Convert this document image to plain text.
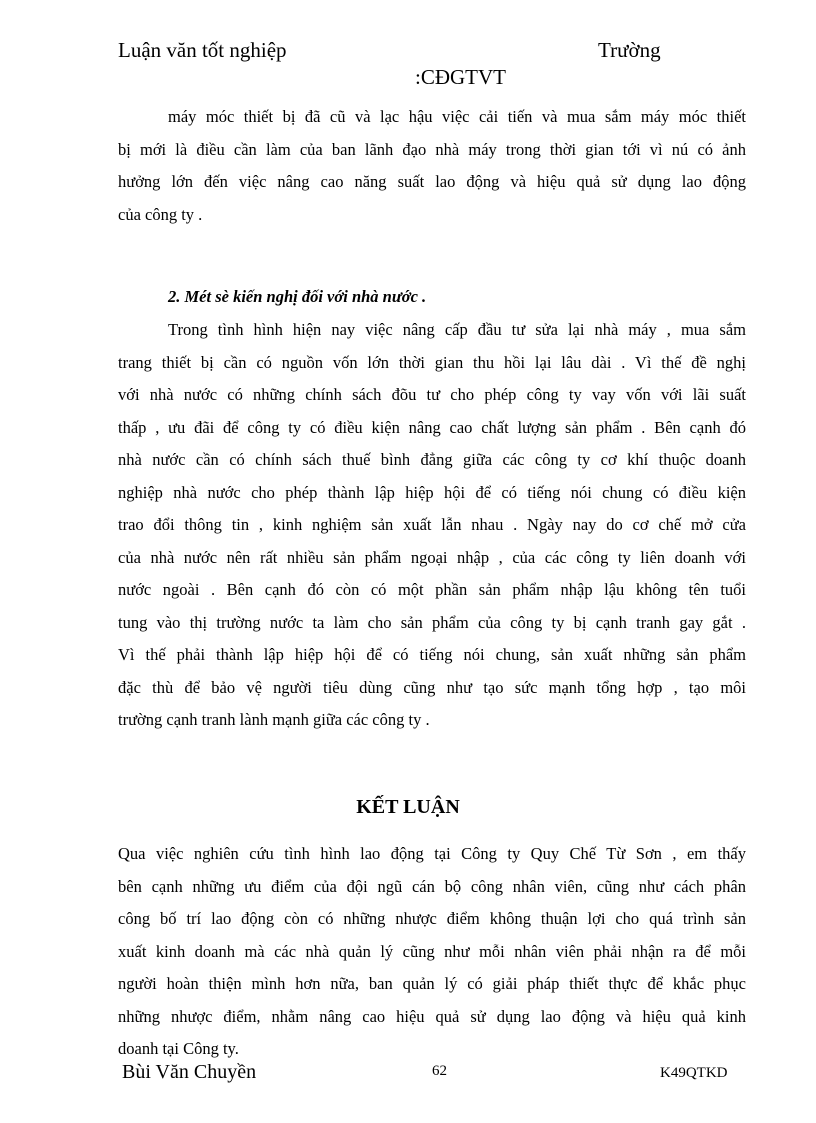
Luận văn tốt nghiệp	Trường
:CĐGTVT
máy móc thiết bị đã cũ và lạc hậu việc cải tiến và mua sắm máy móc thiết
bị mới là điều cần làm của ban lãnh đạo nhà máy trong thời gian tới vì nú có ảnh
hưởng lớn đến việc nâng cao năng suất lao động và hiệu quả sử dụng lao động
của công ty .
2. Mét sè kiến nghị đối với nhà nước .
Trong tình hình hiện nay việc nâng cấp đầu tư sửa lại nhà máy , mua sắm
trang thiết bị cần có nguồn vốn lớn thời gian thu hồi lại lâu dài . Vì thế đề nghị
với nhà nước có những chính sách đõu tư cho phép công ty vay vốn với lãi suất
thấp , ưu đãi để công ty có điều kiện nâng cao chất lượng sản phẩm . Bên cạnh đó
nhà nước cần có chính sách thuế bình đẳng giữa các công ty cơ khí thuộc doanh
nghiệp nhà nước cho phép thành lập hiệp hội để có tiếng nói chung có điều kiện
trao đổi thông tin , kinh nghiệm sản xuất lẫn nhau . Ngày nay do cơ chế mở cửa
của nhà nước nên rất nhiều sản phẩm ngoại nhập , của các công ty liên doanh với
nước ngoài . Bên cạnh đó còn có một phần sản phẩm nhập lậu không tên tuổi
tung vào thị trường nước ta làm cho sản phẩm của công ty bị cạnh tranh gay gắt .
Vì thế phải thành lập hiệp hội để có tiếng nói chung, sản xuất những sản phẩm
đặc thù để bảo vệ người tiêu dùng cũng như tạo sức mạnh tổng hợp , tạo môi
trường cạnh tranh lành mạnh giữa các công ty .
KẾT LUẬN
Qua việc nghiên cứu tình hình lao động tại Công ty Quy Chế Từ Sơn , em thấy
bên cạnh những ưu điểm của đội ngũ cán bộ công nhân viên, cũng như cách phân
công bố trí lao động còn có những nhược điểm không thuận lợi cho quá trình sản
xuất kinh doanh mà các nhà quản lý cũng như mỗi nhân viên phải nhận ra để mỗi
người hoàn thiện mình hơn nữa, ban quản lý có giải pháp thiết thực để khắc phục
những nhược điểm, nhằm nâng cao hiệu quả sử dụng lao động và hiệu quả kinh
doanh tại Công ty.
Bùi Văn Chuyền	62	K49QTKD
